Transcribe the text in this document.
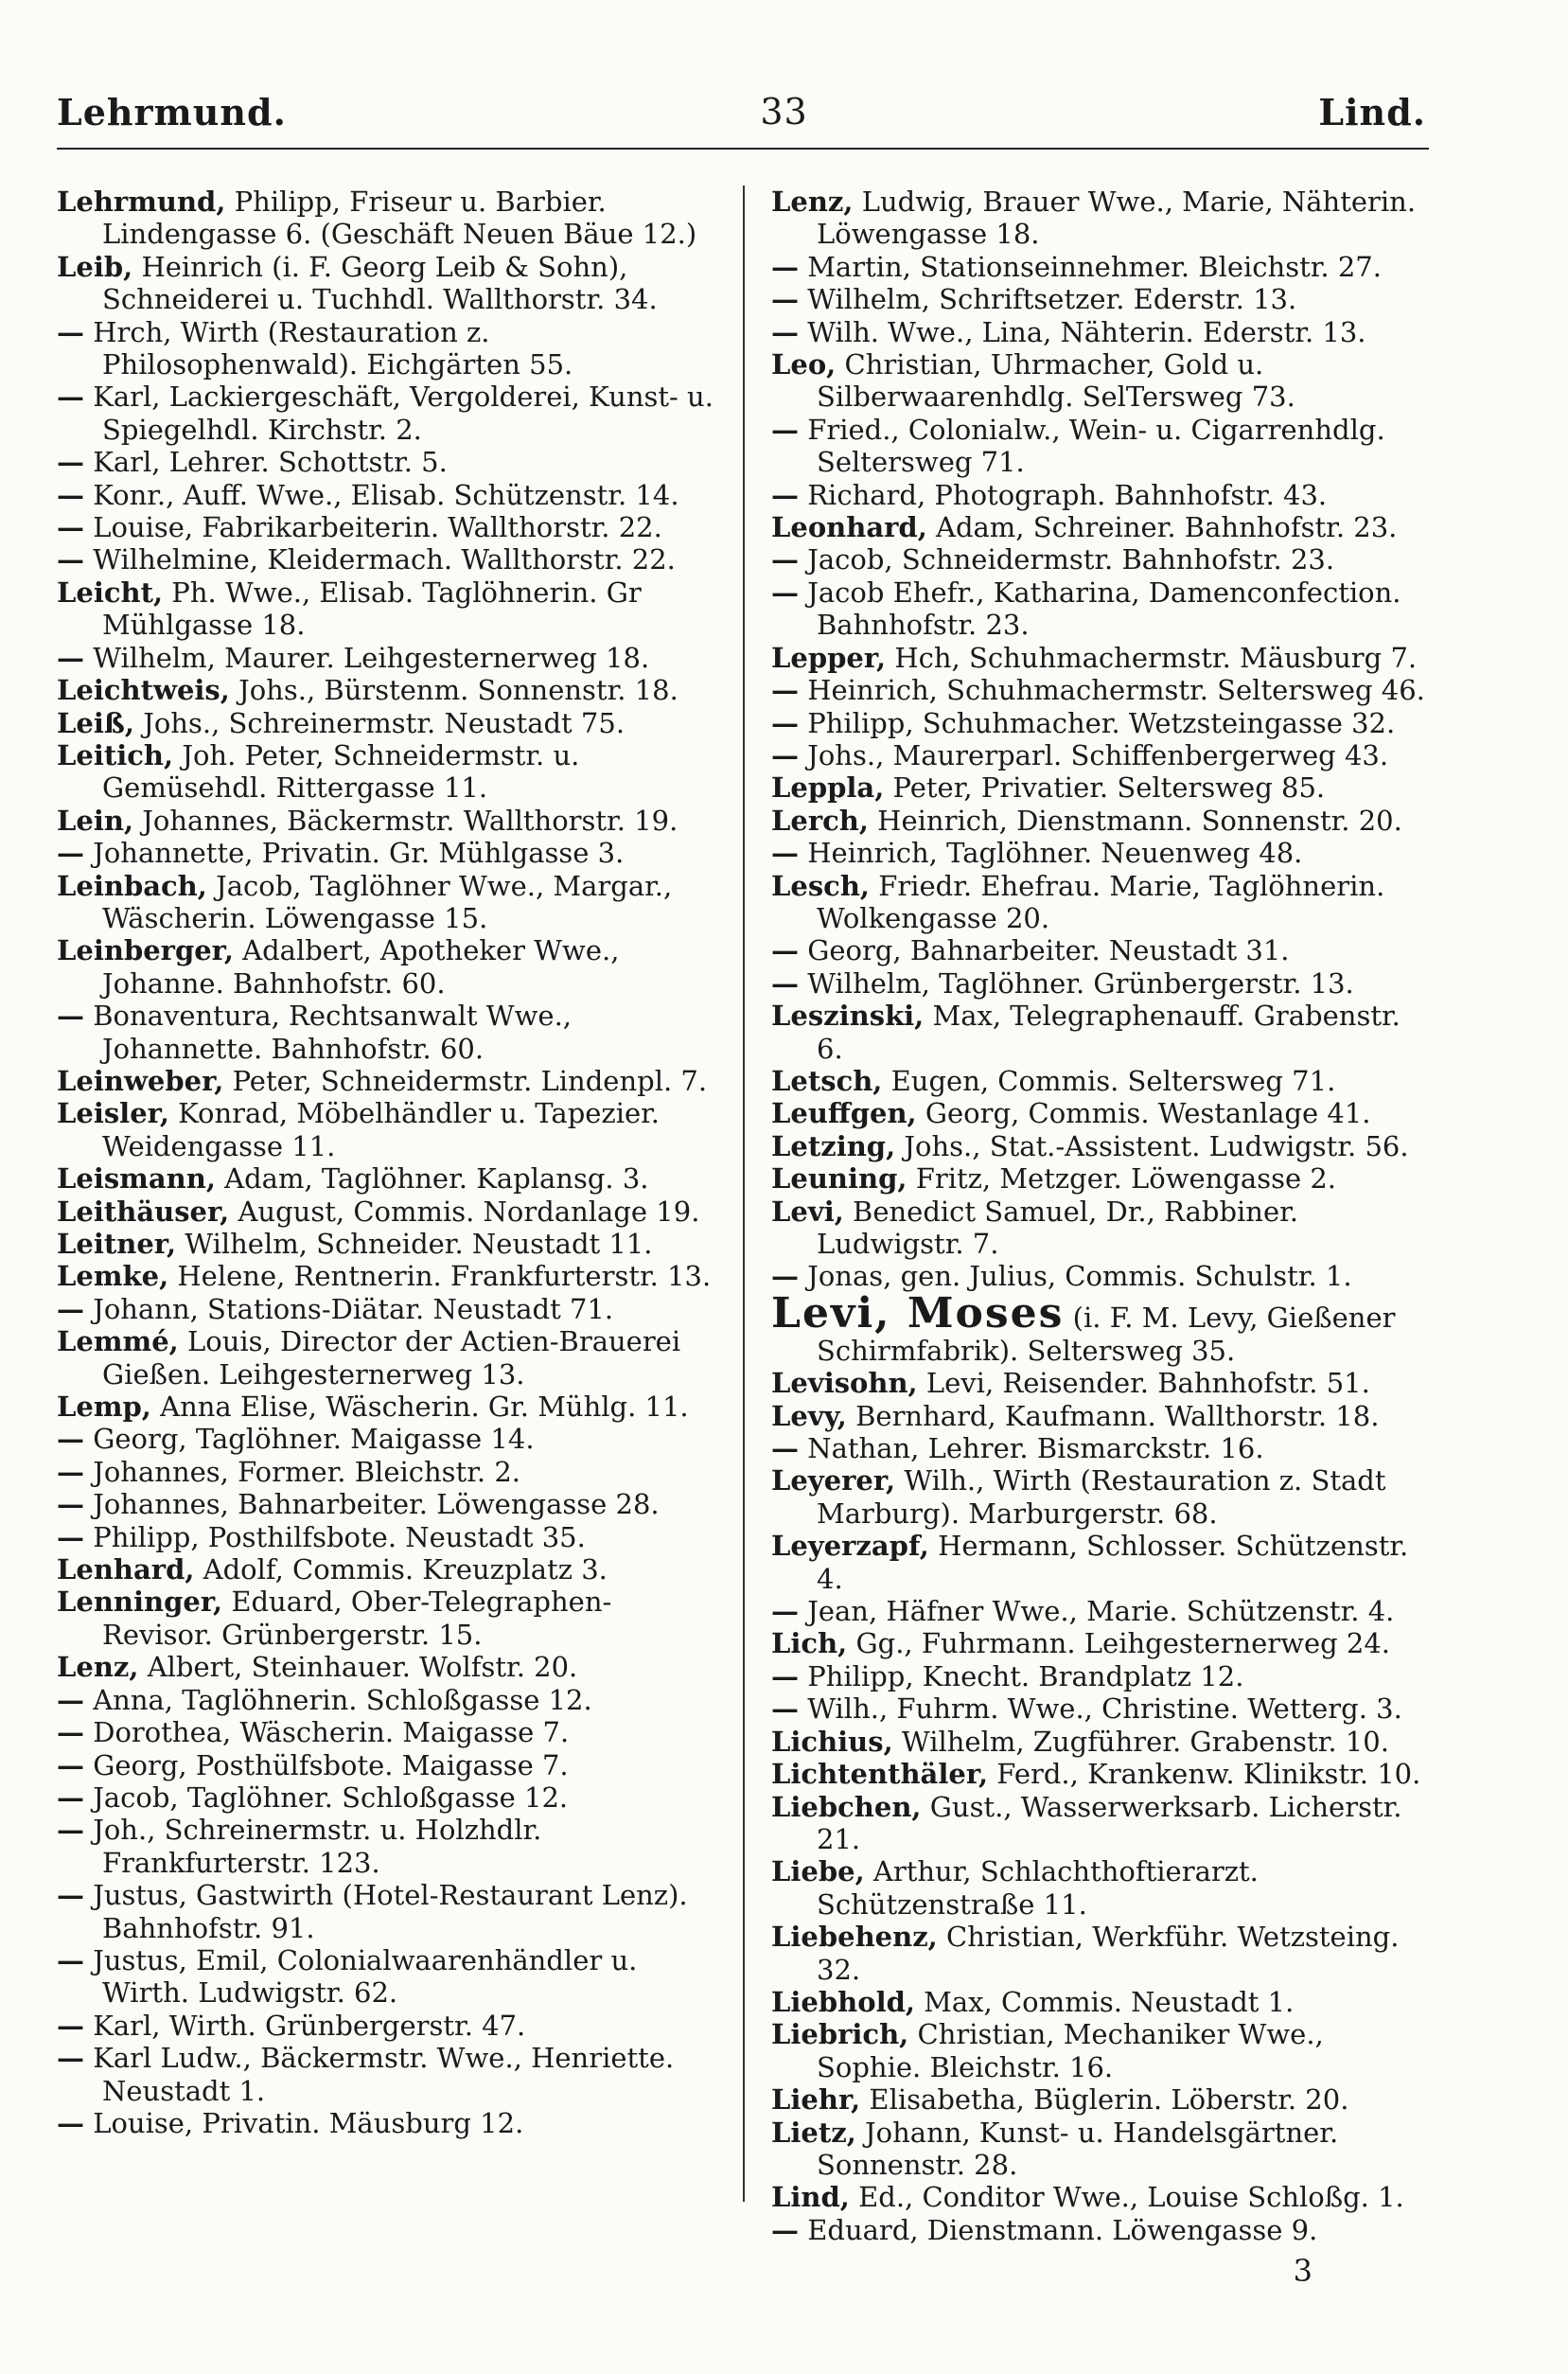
Lehrmund.	33	Lind.

Lehrmund, Philipp, Friseur u. Barbier. Lindengasse 6. (Geschäft Neuen Bäue 12.)

Leib, Heinrich (i. F. Georg Leib & Sohn), Schneiderei u. Tuchhdl. Wallthorstr. 34.

— Hrch, Wirth (Restauration z. Philosophenwald). Eichgärten 55.

— Karl, Lackiergeschäft, Vergolderei, Kunst- u. Spiegelhdl. Kirchstr. 2.

— Karl, Lehrer. Schottstr. 5.

— Konr., Auff. Wwe., Elisab. Schützenstr. 14.

— Louise, Fabrikarbeiterin. Wallthorstr. 22.

— Wilhelmine, Kleidermach. Wallthorstr. 22.

Leicht, Ph. Wwe., Elisab. Taglöhnerin. Gr Mühlgasse 18.

— Wilhelm, Maurer. Leihgesternerweg 18.

Leichtweis, Johs., Bürstenm. Sonnenstr. 18.

Leiß, Johs., Schreinermstr. Neustadt 75.

Leitich, Joh. Peter, Schneidermstr. u. Gemüsehdl. Rittergasse 11.

Lein, Johannes, Bäckermstr. Wallthorstr. 19.

— Johannette, Privatin. Gr. Mühlgasse 3.

Leinbach, Jacob, Taglöhner Wwe., Margar., Wäscherin. Löwengasse 15.

Leinberger, Adalbert, Apotheker Wwe., Johanne. Bahnhofstr. 60.

— Bonaventura, Rechtsanwalt Wwe., Johannette. Bahnhofstr. 60.

Leinweber, Peter, Schneidermstr. Lindenpl. 7.

Leisler, Konrad, Möbelhändler u. Tapezier. Weidengasse 11.

Leismann, Adam, Taglöhner. Kaplansg. 3.

Leithäuser, August, Commis. Nordanlage 19.

Leitner, Wilhelm, Schneider. Neustadt 11.

Lemke, Helene, Rentnerin. Frankfurterstr. 13.

— Johann, Stations-Diätar. Neustadt 71.

Lemmé, Louis, Director der Actien-Brauerei Gießen. Leihgesternerweg 13.

Lemp, Anna Elise, Wäscherin. Gr. Mühlg. 11.

— Georg, Taglöhner. Maigasse 14.

— Johannes, Former. Bleichstr. 2.

— Johannes, Bahnarbeiter. Löwengasse 28.

— Philipp, Posthilfsbote. Neustadt 35.

Lenhard, Adolf, Commis. Kreuzplatz 3.

Lenninger, Eduard, Ober-Telegraphen-Revisor. Grünbergerstr. 15.

Lenz, Albert, Steinhauer. Wolfstr. 20.

— Anna, Taglöhnerin. Schloßgasse 12.

— Dorothea, Wäscherin. Maigasse 7.

— Georg, Posthülfsbote. Maigasse 7.

— Jacob, Taglöhner. Schloßgasse 12.

— Joh., Schreinermstr. u. Holzhdlr. Frankfurterstr. 123.

— Justus, Gastwirth (Hotel-Restaurant Lenz). Bahnhofstr. 91.

— Justus, Emil, Colonialwaarenhändler u. Wirth. Ludwigstr. 62.

— Karl, Wirth. Grünbergerstr. 47.

— Karl Ludw., Bäckermstr. Wwe., Henriette. Neustadt 1.

— Louise, Privatin. Mäusburg 12.

Lenz, Ludwig, Brauer Wwe., Marie, Nähterin. Löwengasse 18.

— Martin, Stationseinnehmer. Bleichstr. 27.

— Wilhelm, Schriftsetzer. Ederstr. 13.

— Wilh. Wwe., Lina, Nähterin. Ederstr. 13.

Leo, Christian, Uhrmacher, Gold u. Silberwaarenhdlg. SelTersweg 73.

— Fried., Colonialw., Wein- u. Cigarrenhdlg. Seltersweg 71.

— Richard, Photograph. Bahnhofstr. 43.

Leonhard, Adam, Schreiner. Bahnhofstr. 23.

— Jacob, Schneidermstr. Bahnhofstr. 23.

— Jacob Ehefr., Katharina, Damenconfection. Bahnhofstr. 23.

Lepper, Hch, Schuhmachermstr. Mäusburg 7.

— Heinrich, Schuhmachermstr. Seltersweg 46.

— Philipp, Schuhmacher. Wetzsteingasse 32.

— Johs., Maurerparl. Schiffenbergerweg 43.

Leppla, Peter, Privatier. Seltersweg 85.

Lerch, Heinrich, Dienstmann. Sonnenstr. 20.

— Heinrich, Taglöhner. Neuenweg 48.

Lesch, Friedr. Ehefrau. Marie, Taglöhnerin. Wolkengasse 20.

— Georg, Bahnarbeiter. Neustadt 31.

— Wilhelm, Taglöhner. Grünbergerstr. 13.

Leszinski, Max, Telegraphenauff. Grabenstr. 6.

Letsch, Eugen, Commis. Seltersweg 71.

Leuffgen, Georg, Commis. Westanlage 41.

Letzing, Johs., Stat.-Assistent. Ludwigstr. 56.

Leuning, Fritz, Metzger. Löwengasse 2.

Levi, Benedict Samuel, Dr., Rabbiner. Ludwigstr. 7.

— Jonas, gen. Julius, Commis. Schulstr. 1.

Levi, Moses (i. F. M. Levy, Gießener Schirmfabrik). Seltersweg 35.

Levisohn, Levi, Reisender. Bahnhofstr. 51.

Levy, Bernhard, Kaufmann. Wallthorstr. 18.

— Nathan, Lehrer. Bismarckstr. 16.

Leyerer, Wilh., Wirth (Restauration z. Stadt Marburg). Marburgerstr. 68.

Leyerzapf, Hermann, Schlosser. Schützenstr. 4.

— Jean, Häfner Wwe., Marie. Schützenstr. 4.

Lich, Gg., Fuhrmann. Leihgesternerweg 24.

— Philipp, Knecht. Brandplatz 12.

— Wilh., Fuhrm. Wwe., Christine. Wetterg. 3.

Lichius, Wilhelm, Zugführer. Grabenstr. 10.

Lichtenthäler, Ferd., Krankenw. Klinikstr. 10.

Liebchen, Gust., Wasserwerksarb. Licherstr. 21.

Liebe, Arthur, Schlachthoftierarzt. Schützenstraße 11.

Liebehenz, Christian, Werkführ. Wetzsteing. 32.

Liebhold, Max, Commis. Neustadt 1.

Liebrich, Christian, Mechaniker Wwe., Sophie. Bleichstr. 16.

Liehr, Elisabetha, Büglerin. Löberstr. 20.

Lietz, Johann, Kunst- u. Handelsgärtner. Sonnenstr. 28.

Lind, Ed., Conditor Wwe., Louise Schloßg. 1.

— Eduard, Dienstmann. Löwengasse 9.

3
